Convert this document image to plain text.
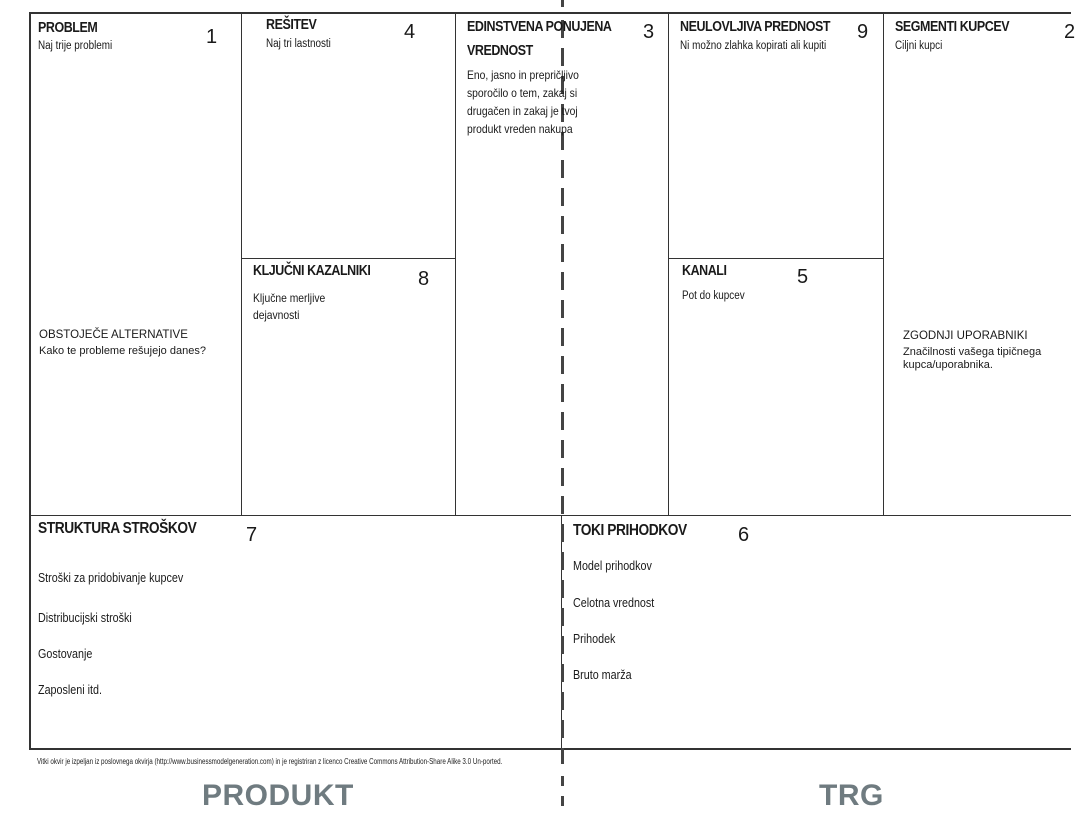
PROBLEM
Naj trije problemi	1
OBSTOJEČE ALTERNATIVE
Kako te probleme rešujejo danes?
REŠITEV
Naj tri lastnosti
4
KLJUČNI KAZALNIKI
Ključne merljive dejavnosti
8
EDINSTVENA PONUJENA
VREDNOST
3
Eno, jasno in prepričljivo sporočilo o tem, zakaj si drugačen in zakaj je tvoj produkt vreden nakupa
NEULOVLJIVA PREDNOST
Ni možno zlahka kopirati ali kupiti
9
KANALI
Pot do kupcev
5
SEGMENTI KUPCEV
Ciljni kupci
2
ZGODNJI UPORABNIKI
Značilnosti vašega tipičnega kupca/uporabnika.
STRUKTURA STROŠKOV 7
Stroški za pridobivanje kupcev
Distribucijski stroški
Gostovanje
Zaposleni itd.
TOKI PRIHODKOV	6
Model prihodkov
Celotna vrednost
Prihodek
Bruto marža
Vitki okvir je izpeljan iz poslovnega okvirja (http://www.businessmodelgeneration.com) in je registriran z licenco Creative Commons Attribution-Share Alike 3.0 Un-ported.
PRODUKT	TRG
